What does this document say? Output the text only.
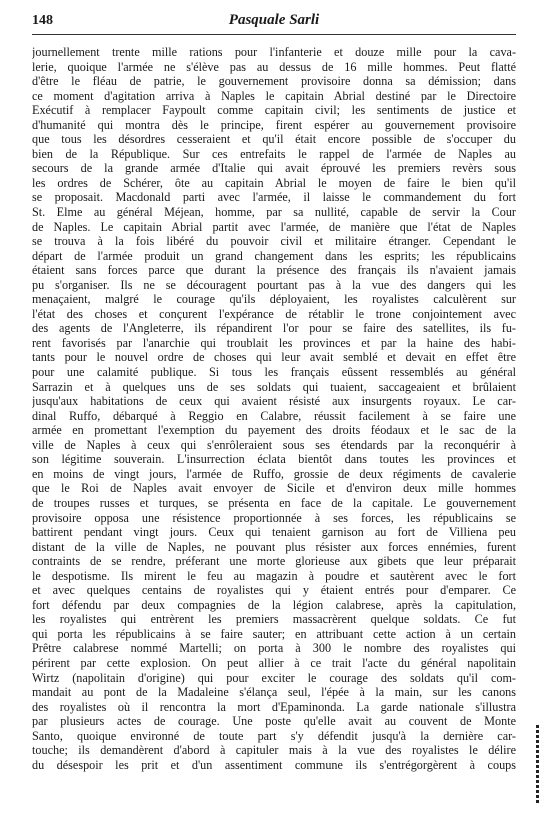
148	Pasquale Sarli
journellement trente mille rations pour l'infanterie et douze mille pour la cava-
lerie, quoique l'armée ne s'élève pas au dessus de 16 mille hommes. Peut flatté
d'être le fléau de patrie, le gouvernement provisoire donna sa démission; dans
ce moment d'agitation arriva à Naples le capitain Abrial destiné par le Directoire
Exécutif à remplacer Faypoult comme capitain civil; les sentiments de justice et
d'humanité qui montra dès le principe, firent espérer au gouvernement provisoire
que tous les désordres cesseraient et qu'il était encore possible de s'occuper du
bien de la République. Sur ces entrefaits le rappel de l'armée de Naples au
secours de la grande armée d'Italie qui avait éprouvé les premiers revèrs sous
les ordres de Schérer, ôte au capitain Abrial le moyen de faire le bien qu'il
se proposait. Macdonald parti avec l'armée, il laisse le commandement du fort
St. Elme au général Méjean, homme, par sa nullité, capable de servir la Cour
de Naples. Le capitain Abrial partit avec l'armée, de manière que l'état de Naples
se trouva à la fois libéré du pouvoir civil et militaire étranger. Cependant le
départ de l'armée produit un grand changement dans les esprits; les républicains
étaient sans forces parce que durant la présence des français ils n'avaient jamais
pu s'organiser. Ils ne se découragent pourtant pas à la vue des dangers qui les
menaçaient, malgré le courage qu'ils déployaient, les royalistes calculèrent sur
l'état des choses et conçurent l'expérance de rétablir le trone conjointement avec
des agents de l'Angleterre, ils répandirent l'or pour se faire des satellites, ils fu-
rent favorisés par l'anarchie qui troublait les provinces et par la haine des habi-
tants pour le nouvel ordre de choses qui leur avait semblé et devait en effet être
pour une calamité publique. Si tous les français eûssent ressemblés au général
Sarrazin et à quelques uns de ses soldats qui tuaient, saccageaient et brûlaient
jusqu'aux habitations de ceux qui avaient résisté aux insurgents royaux. Le car-
dinal Ruffo, débarqué à Reggio en Calabre, réussit facilement à se faire une
armée en promettant l'exemption du payement des droits féodaux et le sac de la
ville de Naples à ceux qui s'enrôleraient sous ses étendards par la reconquérir à
son légitime souverain. L'insurrection éclata bientôt dans toutes les provinces et
en moins de vingt jours, l'armée de Ruffo, grossie de deux régiments de cavalerie
que le Roi de Naples avait envoyer de Sicile et d'environ deux mille hommes
de troupes russes et turques, se présenta en face de la capitale. Le gouvernement
provisoire opposa une résistence proportionnée à ses forces, les républicains se
battirent pendant vingt jours. Ceux qui tenaient garnison au fort de Villiena peu
distant de la ville de Naples, ne pouvant plus résister aux forces ennémies, furent
contraints de se rendre, préferant une morte glorieuse aux gibets que leur préparait
le despotisme. Ils mirent le feu au magazin à poudre et sautèrent avec le fort
et avec quelques centains de royalistes qui y étaient entrés pour d'emparer. Ce
fort défendu par deux compagnies de la légion calabrese, après la capitulation,
les royalistes qui entrèrent les premiers massacrèrent quelque soldats. Ce fut
qui porta les républicains à se faire sauter; en attribuant cette action à un certain
Prêtre calabrese nommé Martelli; on porta à 300 le nombre des royalistes qui
périrent par cette explosion. On peut allier à ce trait l'acte du général napolitain
Wirtz (napolitain d'origine) qui pour exciter le courage des soldats qu'il com-
mandait au pont de la Madaleine s'élança seul, l'épée à la main, sur les canons
des royalistes où il rencontra la mort d'Epaminonda. La garde nationale s'illustra
par plusieurs actes de courage. Une poste qu'elle avait au couvent de Monte
Santo, quoique environné de toute part s'y défendit jusqu'à la dernière car-
touche; ils demandèrent d'abord à capituler mais à la vue des royalistes le délire
du désespoir les prit et d'un assentiment commune ils s'entrégorgèrent à coups
